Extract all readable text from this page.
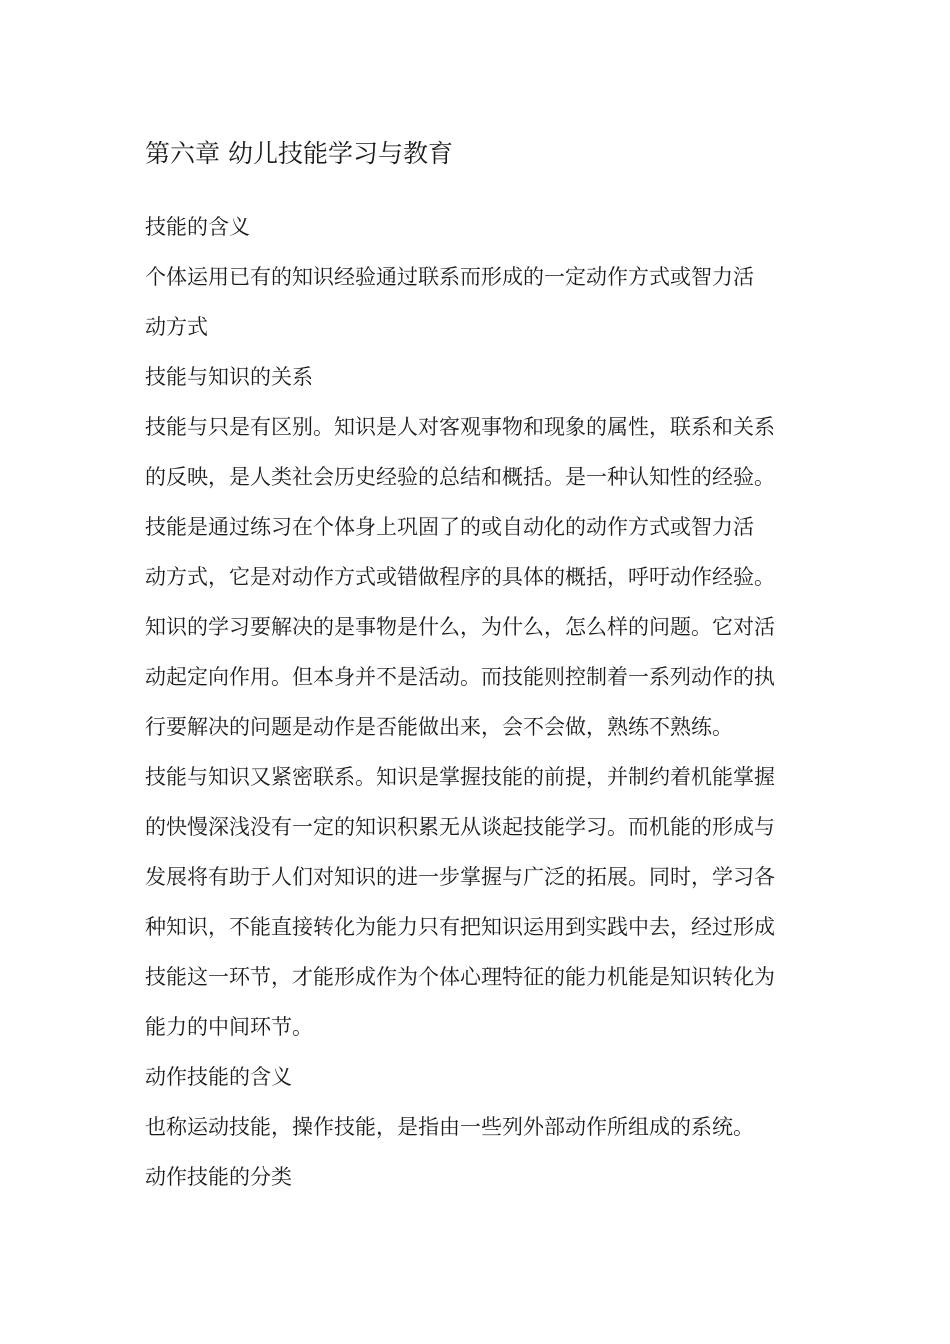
第六章 幼儿技能学习与教育
技能的含义
个体运用已有的知识经验通过联系而形成的一定动作方式或智力活
动方式
技能与知识的关系
技能与只是有区别。知识是人对客观事物和现象的属性，联系和关系
的反映，是人类社会历史经验的总结和概括。是一种认知性的经验。
技能是通过练习在个体身上巩固了的或自动化的动作方式或智力活
动方式，它是对动作方式或错做程序的具体的概括，呼吁动作经验。
知识的学习要解决的是事物是什么，为什么，怎么样的问题。它对活
动起定向作用。但本身并不是活动。而技能则控制着一系列动作的执
行要解决的问题是动作是否能做出来，会不会做，熟练不熟练。
技能与知识又紧密联系。知识是掌握技能的前提，并制约着机能掌握
的快慢深浅没有一定的知识积累无从谈起技能学习。而机能的形成与
发展将有助于人们对知识的进一步掌握与广泛的拓展。同时，学习各
种知识，不能直接转化为能力只有把知识运用到实践中去，经过形成
技能这一环节，才能形成作为个体心理特征的能力机能是知识转化为
能力的中间环节。
动作技能的含义
也称运动技能，操作技能，是指由一些列外部动作所组成的系统。
动作技能的分类
